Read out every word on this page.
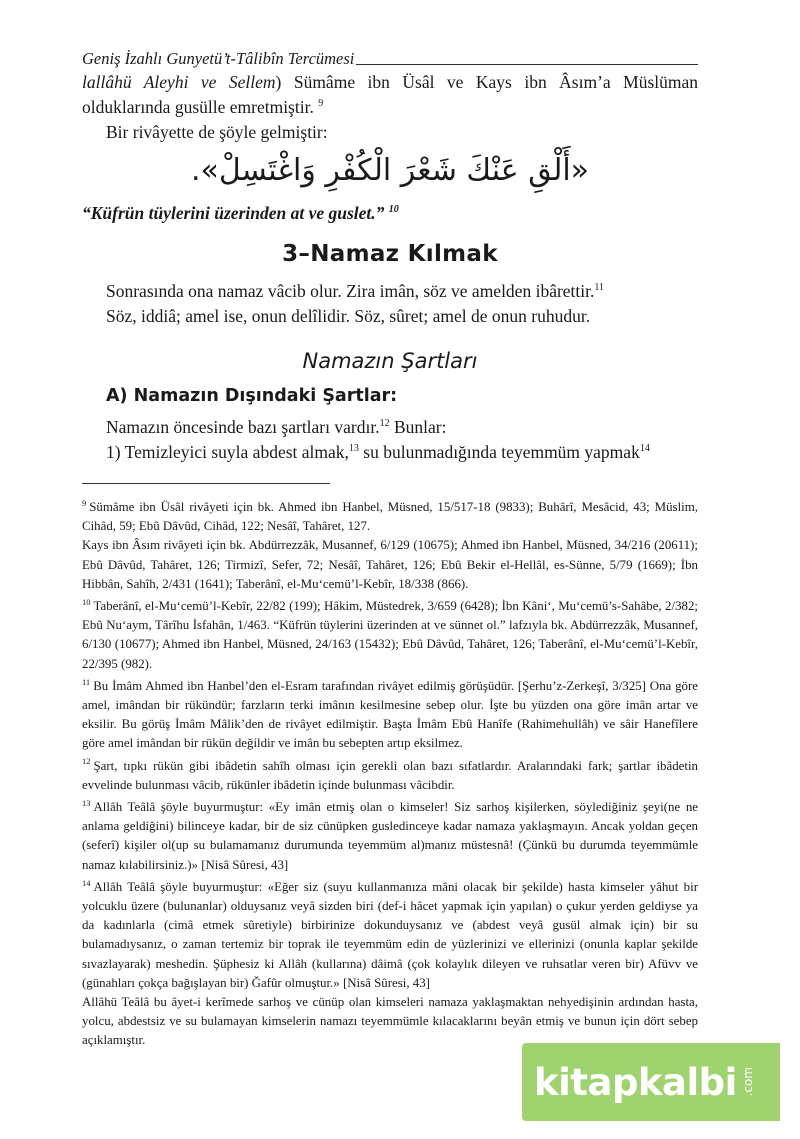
Geniş İzahlı Gunyetü’t-Tâlibîn Tercümesi

lallâhü Aleyhi ve Sellem) Sümâme ibn Üsâl ve Kays ibn Âsım’a Müslüman olduklarında gusülle emretmiştir. $^9$

Bir rivâyette de şöyle gelmiştir:

«أَلْقِ عَنْكَ شَعْرَ الْكُفْرِ وَاغْتَسِلْ».

“Küfrün tüylerini üzerinden at ve guslet.” $^{10}$

3–Namaz Kılmak

Sonrasında ona namaz vâcib olur. Zira imân, söz ve amelden ibârettir.$^{11}$
Söz, iddiâ; amel ise, onun delîlidir. Söz, sûret; amel de onun ruhudur.

Namazın Şartları
A) Namazın Dışındaki Şartlar:

Namazın öncesinde bazı şartları vardır.$^{12}$ Bunlar:
1) Temizleyici suyla abdest almak,$^{13}$ su bulunmadığında teyemmüm yapmak$^{14}$

$^9$ Sümâme ibn Üsâl rivâyeti için bk. Ahmed ibn Hanbel, Müsned, 15/517-18 (9833); Buhârî, Mesâcid, 43; Müslim, Cihâd, 59; Ebû Dâvûd, Cihâd, 122; Nesâî, Tahâret, 127.
Kays ibn Âsım rivâyeti için bk. Abdürrezzâk, Musannef, 6/129 (10675); Ahmed ibn Hanbel, Müsned, 34/216 (20611); Ebû Dâvûd, Tahâret, 126; Tirmizî, Sefer, 72; Nesâî, Tahâret, 126; Ebû Bekir el-Hellâl, es-Sünne, 5/79 (1669); İbn Hibbân, Sahîh, 2/431 (1641); Taberânî, el-Mu‘cemü’l-Kebîr, 18/338 (866).
$^{10}$ Taberânî, el-Mu‘cemü’l-Kebîr, 22/82 (199); Hâkim, Müstedrek, 3/659 (6428); İbn Kâni‘, Mu‘cemü’s-Sahâbe, 2/382; Ebû Nu‘aym, Târîhu İsfahân, 1/463. “Küfrün tüylerini üzerinden at ve sünnet ol.” lafzıyla bk. Abdürrezzâk, Musannef, 6/130 (10677); Ahmed ibn Hanbel, Müsned, 24/163 (15432); Ebû Dâvûd, Tahâret, 126; Taberânî, el-Mu‘cemü’l-Kebîr, 22/395 (982).
$^{11}$ Bu İmâm Ahmed ibn Hanbel’den el-Esram tarafından rivâyet edilmiş görüşüdür. [Şerhu’z-Zerkeşî, 3/325] Ona göre amel, imândan bir rükündür; farzların terki imânın kesilmesine sebep olur. İşte bu yüzden ona göre imân artar ve eksilir. Bu görüş İmâm Mâlik’den de rivâyet edilmiştir. Başta İmâm Ebû Hanîfe (Rahimehullâh) ve sâir Hanefîlere göre amel imândan bir rükün değildir ve imân bu sebepten artıp eksilmez.
$^{12}$ Şart, tıpkı rükün gibi ibâdetin sahîh olması için gerekli olan bazı sıfatlardır. Aralarındaki fark; şartlar ibâdetin evvelinde bulunması vâcib, rükünler ibâdetin içinde bulunması vâcibdir.
$^{13}$ Allâh Teâlâ şöyle buyurmuştur: «Ey imân etmiş olan o kimseler! Siz sarhoş kişilerken, söylediğiniz şeyi(ne ne anlama geldiğini) bilinceye kadar, bir de siz cünüpken gusledinceye kadar namaza yaklaşmayın. Ancak yoldan geçen (seferî) kişiler ol(up su bulamamanız durumunda teyemmüm al)manız müstesnâ! (Çünkü bu durumda teyemmümle namaz kılabilirsiniz.)» [Nisâ Sûresi, 43]
$^{14}$ Allâh Teâlâ şöyle buyurmuştur: «Eğer siz (suyu kullanmanıza mâni olacak bir şekilde) hasta kimseler yâhut bir yolcuklu üzere (bulunanlar) olduysanız veyâ sizden biri (def-i hâcet yapmak için yapılan) o çukur yerden geldiyse ya da kadınlarla (cimâ etmek sûretiyle) birbirinize dokunduysanız ve (abdest veyâ gusül almak için) bir su bulamadıysanız, o zaman tertemiz bir toprak ile teyemmüm edin de yüzlerinizi ve ellerinizi (onunla kaplar şekilde sıvazlayarak) meshedin. Şüphesiz ki Allâh (kullarına) dâimâ (çok kolaylık dileyen ve ruhsatlar veren bir) Afüvv ve (günahları çokça bağışlayan bir) Ğafûr olmuştur.» [Nisâ Sûresi, 43]
Allâhü Teâlâ bu âyet-i kerîmede sarhoş ve cünüp olan kimseleri namaza yaklaşmaktan nehyedişinin ardından hasta, yolcu, abdestsiz ve su bulamayan kimselerin namazı teyemmümle kılacaklarını beyân etmiş ve bunun için dört sebep açıklamıştır.
kitapkalbi .com
